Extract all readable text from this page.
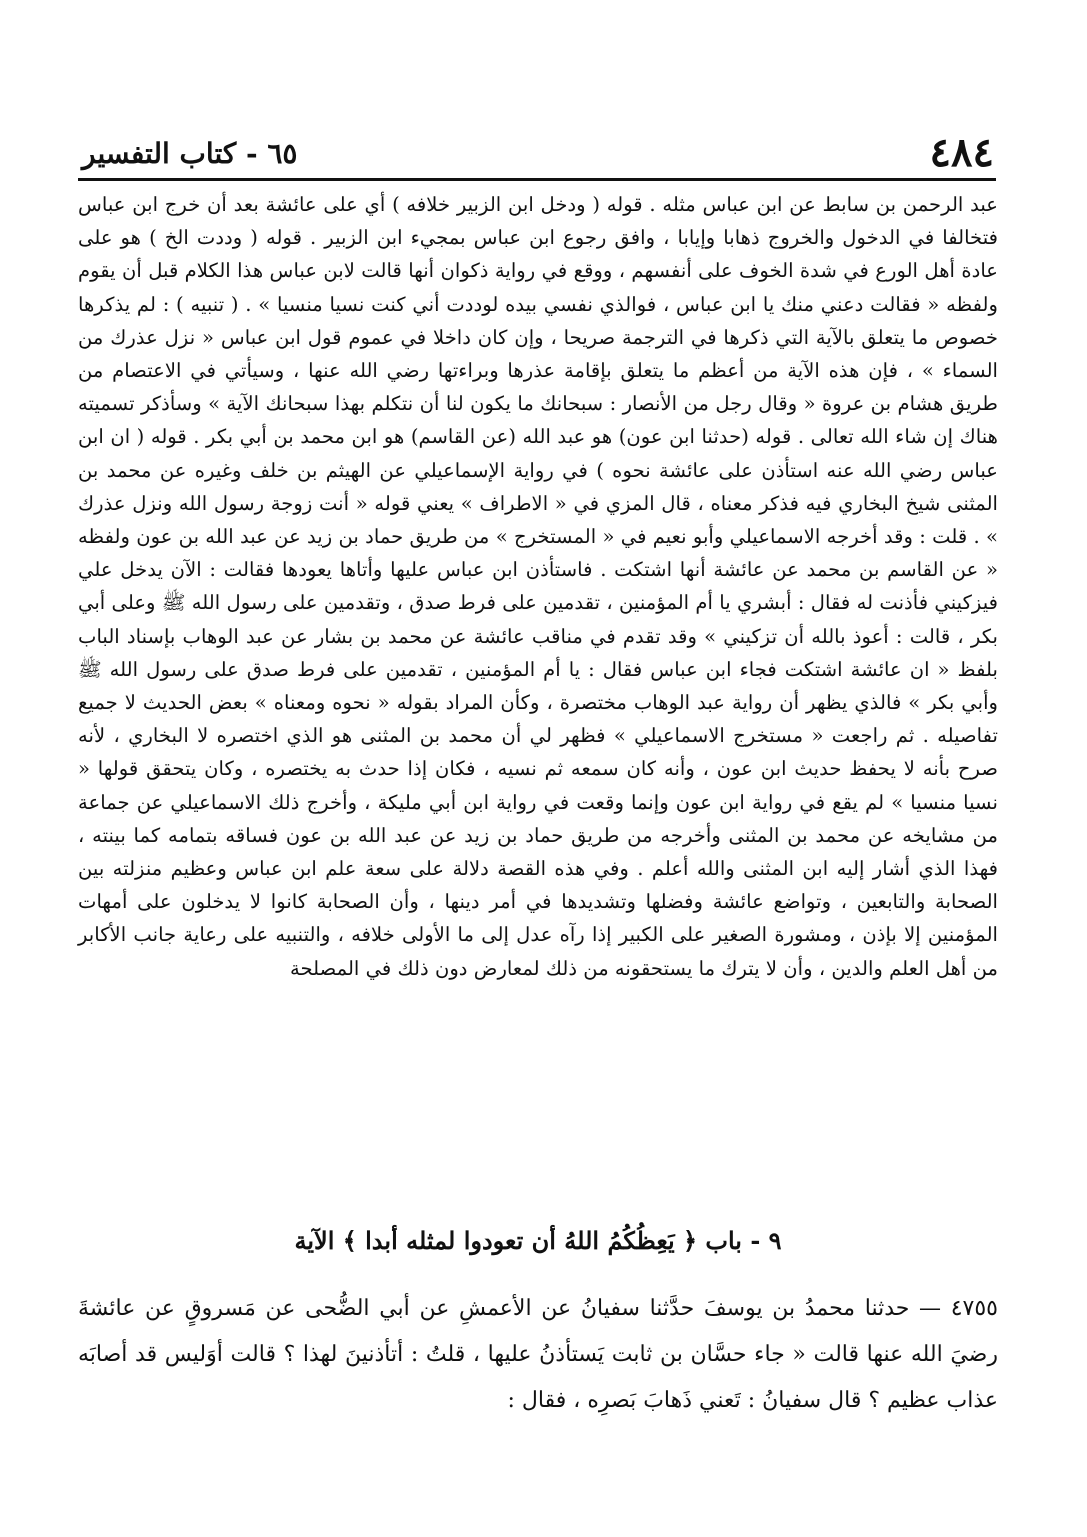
٤٨٤
٦٥ - كتاب التفسير

عبد الرحمن بن سابط عن ابن عباس مثله . قوله ( ودخل ابن الزبير خلافه ) أي على عائشة بعد أن خرج ابن عباس فتخالفا في الدخول والخروج ذهابا وإيابا ، وافق رجوع ابن عباس بمجيء ابن الزبير . قوله ( وددت الخ ) هو على عادة أهل الورع في شدة الخوف على أنفسهم ، ووقع في رواية ذكوان أنها قالت لابن عباس هذا الكلام قبل أن يقوم ولفظه « فقالت دعني منك يا ابن عباس ، فوالذي نفسي بيده لوددت أني كنت نسيا منسيا » . ( تنبيه ) : لم يذكرها خصوص ما يتعلق بالآية التي ذكرها في الترجمة صريحا ، وإن كان داخلا في عموم قول ابن عباس « نزل عذرك من السماء » ، فإن هذه الآية من أعظم ما يتعلق بإقامة عذرها وبراءتها رضي الله عنها ، وسيأتي في الاعتصام من طريق هشام بن عروة « وقال رجل من الأنصار : سبحانك ما يكون لنا أن نتكلم بهذا سبحانك الآية » وسأذكر تسميته هناك إن شاء الله تعالى . قوله (حدثنا ابن عون) هو عبد الله (عن القاسم) هو ابن محمد بن أبي بكر . قوله ( ان ابن عباس رضي الله عنه استأذن على عائشة نحوه ) في رواية الإسماعيلي عن الهيثم بن خلف وغيره عن محمد بن المثنى شيخ البخاري فيه فذكر معناه ، قال المزي في « الاطراف » يعني قوله « أنت زوجة رسول الله ونزل عذرك » . قلت : وقد أخرجه الاسماعيلي وأبو نعيم في « المستخرج » من طريق حماد بن زيد عن عبد الله بن عون ولفظه « عن القاسم بن محمد عن عائشة أنها اشتكت . فاستأذن ابن عباس عليها وأتاها يعودها فقالت : الآن يدخل علي فيزكيني فأذنت له فقال : أبشري يا أم المؤمنين ، تقدمين على فرط صدق ، وتقدمين على رسول الله ﷺ وعلى أبي بكر ، قالت : أعوذ بالله أن تزكيني » وقد تقدم في مناقب عائشة عن محمد بن بشار عن عبد الوهاب بإسناد الباب بلفظ « ان عائشة اشتكت فجاء ابن عباس فقال : يا أم المؤمنين ، تقدمين على فرط صدق على رسول الله ﷺ وأبي بكر » فالذي يظهر أن رواية عبد الوهاب مختصرة ، وكأن المراد بقوله « نحوه ومعناه » بعض الحديث لا جميع تفاصيله . ثم راجعت « مستخرج الاسماعيلي » فظهر لي أن محمد بن المثنى هو الذي اختصره لا البخاري ، لأنه صرح بأنه لا يحفظ حديث ابن عون ، وأنه كان سمعه ثم نسيه ، فكان إذا حدث به يختصره ، وكان يتحقق قولها « نسيا منسيا » لم يقع في رواية ابن عون وإنما وقعت في رواية ابن أبي مليكة ، وأخرج ذلك الاسماعيلي عن جماعة من مشايخه عن محمد بن المثنى وأخرجه من طريق حماد بن زيد عن عبد الله بن عون فساقه بتمامه كما بينته ، فهذا الذي أشار إليه ابن المثنى والله أعلم . وفي هذه القصة دلالة على سعة علم ابن عباس وعظيم منزلته بين الصحابة والتابعين ، وتواضع عائشة وفضلها وتشديدها في أمر دينها ، وأن الصحابة كانوا لا يدخلون على أمهات المؤمنين إلا بإذن ، ومشورة الصغير على الكبير إذا رآه عدل إلى ما الأولى خلافه ، والتنبيه على رعاية جانب الأكابر من أهل العلم والدين ، وأن لا يترك ما يستحقونه من ذلك لمعارض دون ذلك في المصلحة

٩ - باب ﴿ يَعِظُكُمُ اللهُ أن تعودوا لمثله أبدا ﴾ الآية

٤٧٥٥ — حدثنا محمدُ بن يوسفَ حدَّثنا سفيانُ عن الأعمشِ عن أبي الضُّحى عن مَسروقٍ عن عائشةَ رضيَ الله عنها قالت « جاء حسَّان بن ثابت يَستأذنُ عليها ، قلتُ : أتأذنينَ لهذا ؟ قالت أوَليس قد أصابَه عذاب عظيم ؟ قال سفيانُ : تَعني ذَهابَ بَصرِه ، فقال :
